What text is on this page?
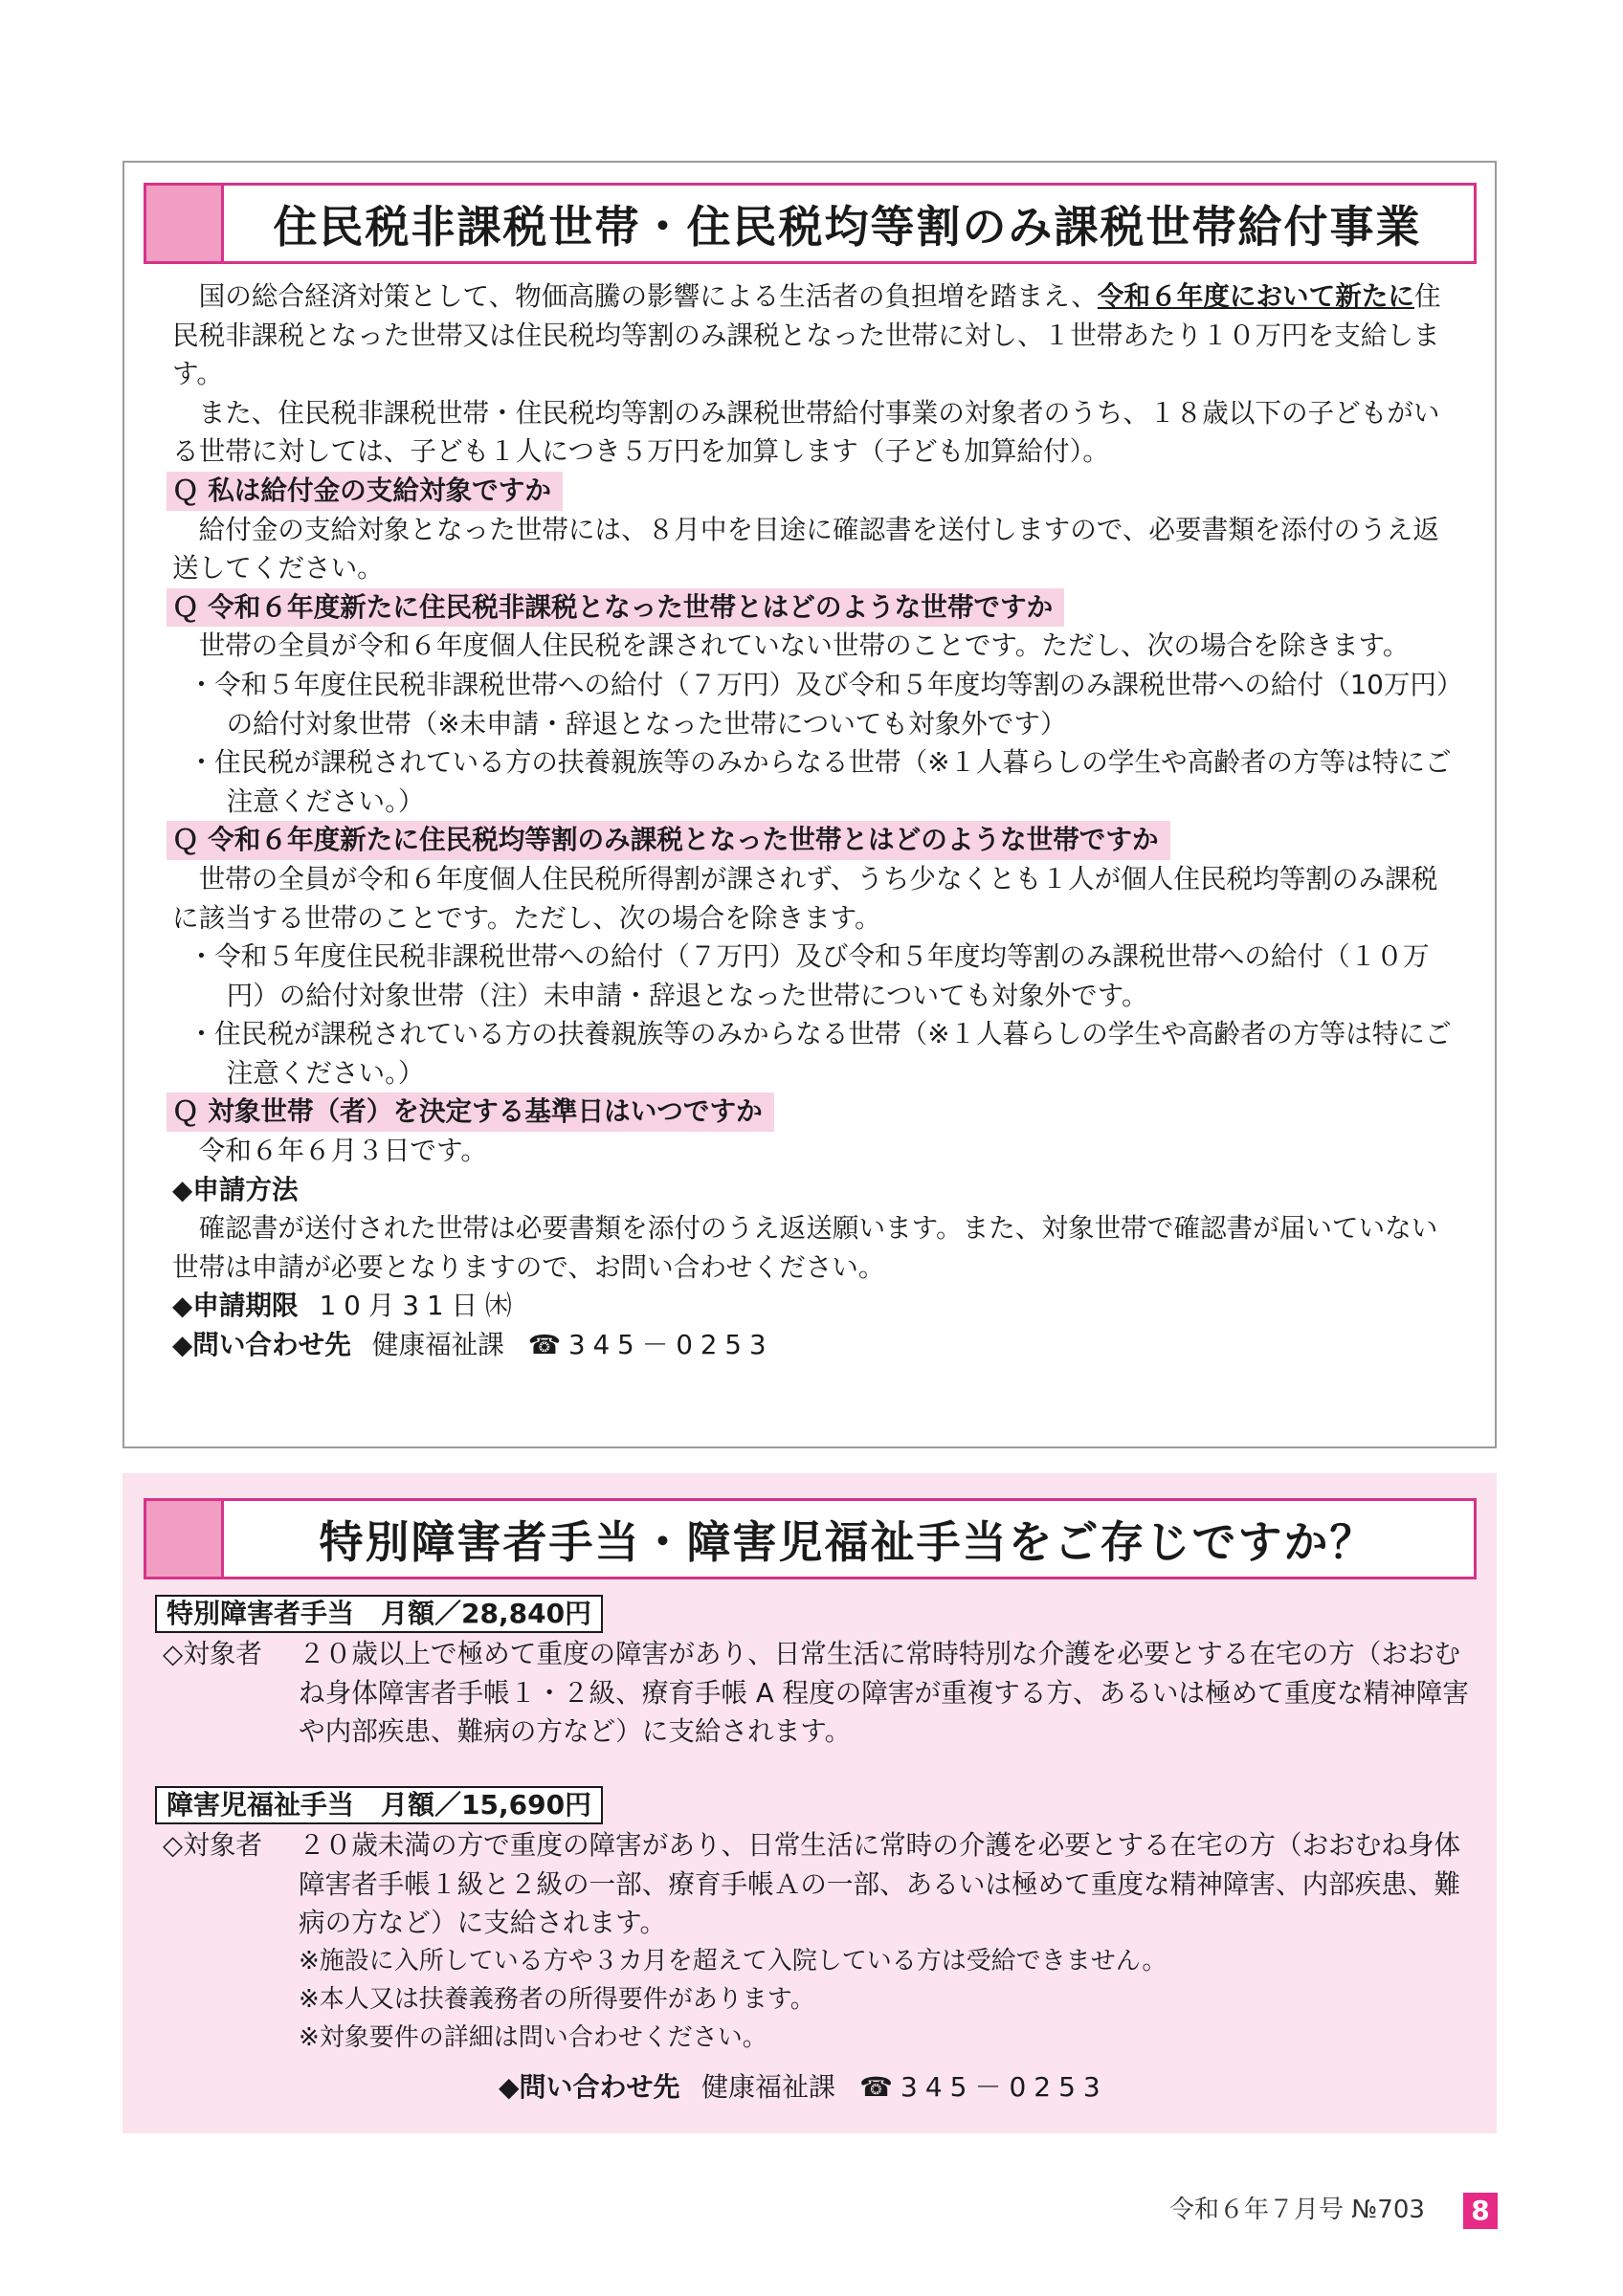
住民税非課税世帯・住民税均等割のみ課税世帯給付事業

国の総合経済対策として、物価高騰の影響による生活者の負担増を踏まえ、令和６年度において新たに住民税非課税となった世帯又は住民税均等割のみ課税となった世帯に対し、１世帯あたり１０万円を支給します。

また、住民税非課税世帯・住民税均等割のみ課税世帯給付事業の対象者のうち、１８歳以下の子どもがいる世帯に対しては、子ども１人につき５万円を加算します（子ども加算給付）。

Ｑ 私は給付金の支給対象ですか

給付金の支給対象となった世帯には、８月中を目途に確認書を送付しますので、必要書類を添付のうえ返送してください。

Ｑ 令和６年度新たに住民税非課税となった世帯とはどのような世帯ですか

世帯の全員が令和６年度個人住民税を課されていない世帯のことです。ただし、次の場合を除きます。

・令和５年度住民税非課税世帯への給付（７万円）及び令和５年度均等割のみ課税世帯への給付（10万円）の給付対象世帯（※未申請・辞退となった世帯についても対象外です）

・住民税が課税されている方の扶養親族等のみからなる世帯（※１人暮らしの学生や高齢者の方等は特にご注意ください。）

Ｑ 令和６年度新たに住民税均等割のみ課税となった世帯とはどのような世帯ですか

世帯の全員が令和６年度個人住民税所得割が課されず、うち少なくとも１人が個人住民税均等割のみ課税に該当する世帯のことです。ただし、次の場合を除きます。

・令和５年度住民税非課税世帯への給付（７万円）及び令和５年度均等割のみ課税世帯への給付（１０万円）の給付対象世帯（注）未申請・辞退となった世帯についても対象外です。

・住民税が課税されている方の扶養親族等のみからなる世帯（※１人暮らしの学生や高齢者の方等は特にご注意ください。）

Ｑ 対象世帯（者）を決定する基準日はいつですか

令和６年６月３日です。

◆申請方法

確認書が送付された世帯は必要書類を添付のうえ返送願います。また、対象世帯で確認書が届いていない世帯は申請が必要となりますので、お問い合わせください。

◆申請期限 10月31日㈭

◆問い合わせ先 健康福祉課 ☎345－0253

特別障害者手当・障害児福祉手当をご存じですか？
特別障害者手当　月額／28,840円
◇対象者 ２０歳以上で極めて重度の障害があり、日常生活に常時特別な介護を必要とする在宅の方（おおむね身体障害者手帳１・２級、療育手帳 A 程度の障害が重複する方、あるいは極めて重度な精神障害や内部疾患、難病の方など）に支給されます。
障害児福祉手当　月額／15,690円
◇対象者 ２０歳未満の方で重度の障害があり、日常生活に常時の介護を必要とする在宅の方（おおむね身体障害者手帳１級と２級の一部、療育手帳Ａの一部、あるいは極めて重度な精神障害、内部疾患、難病の方など）に支給されます。
※施設に入所している方や３カ月を超えて入院している方は受給できません。
※本人又は扶養義務者の所得要件があります。
※対象要件の詳細は問い合わせください。
◆問い合わせ先 健康福祉課 ☎345－0253
令和６年７月号 №703 8
